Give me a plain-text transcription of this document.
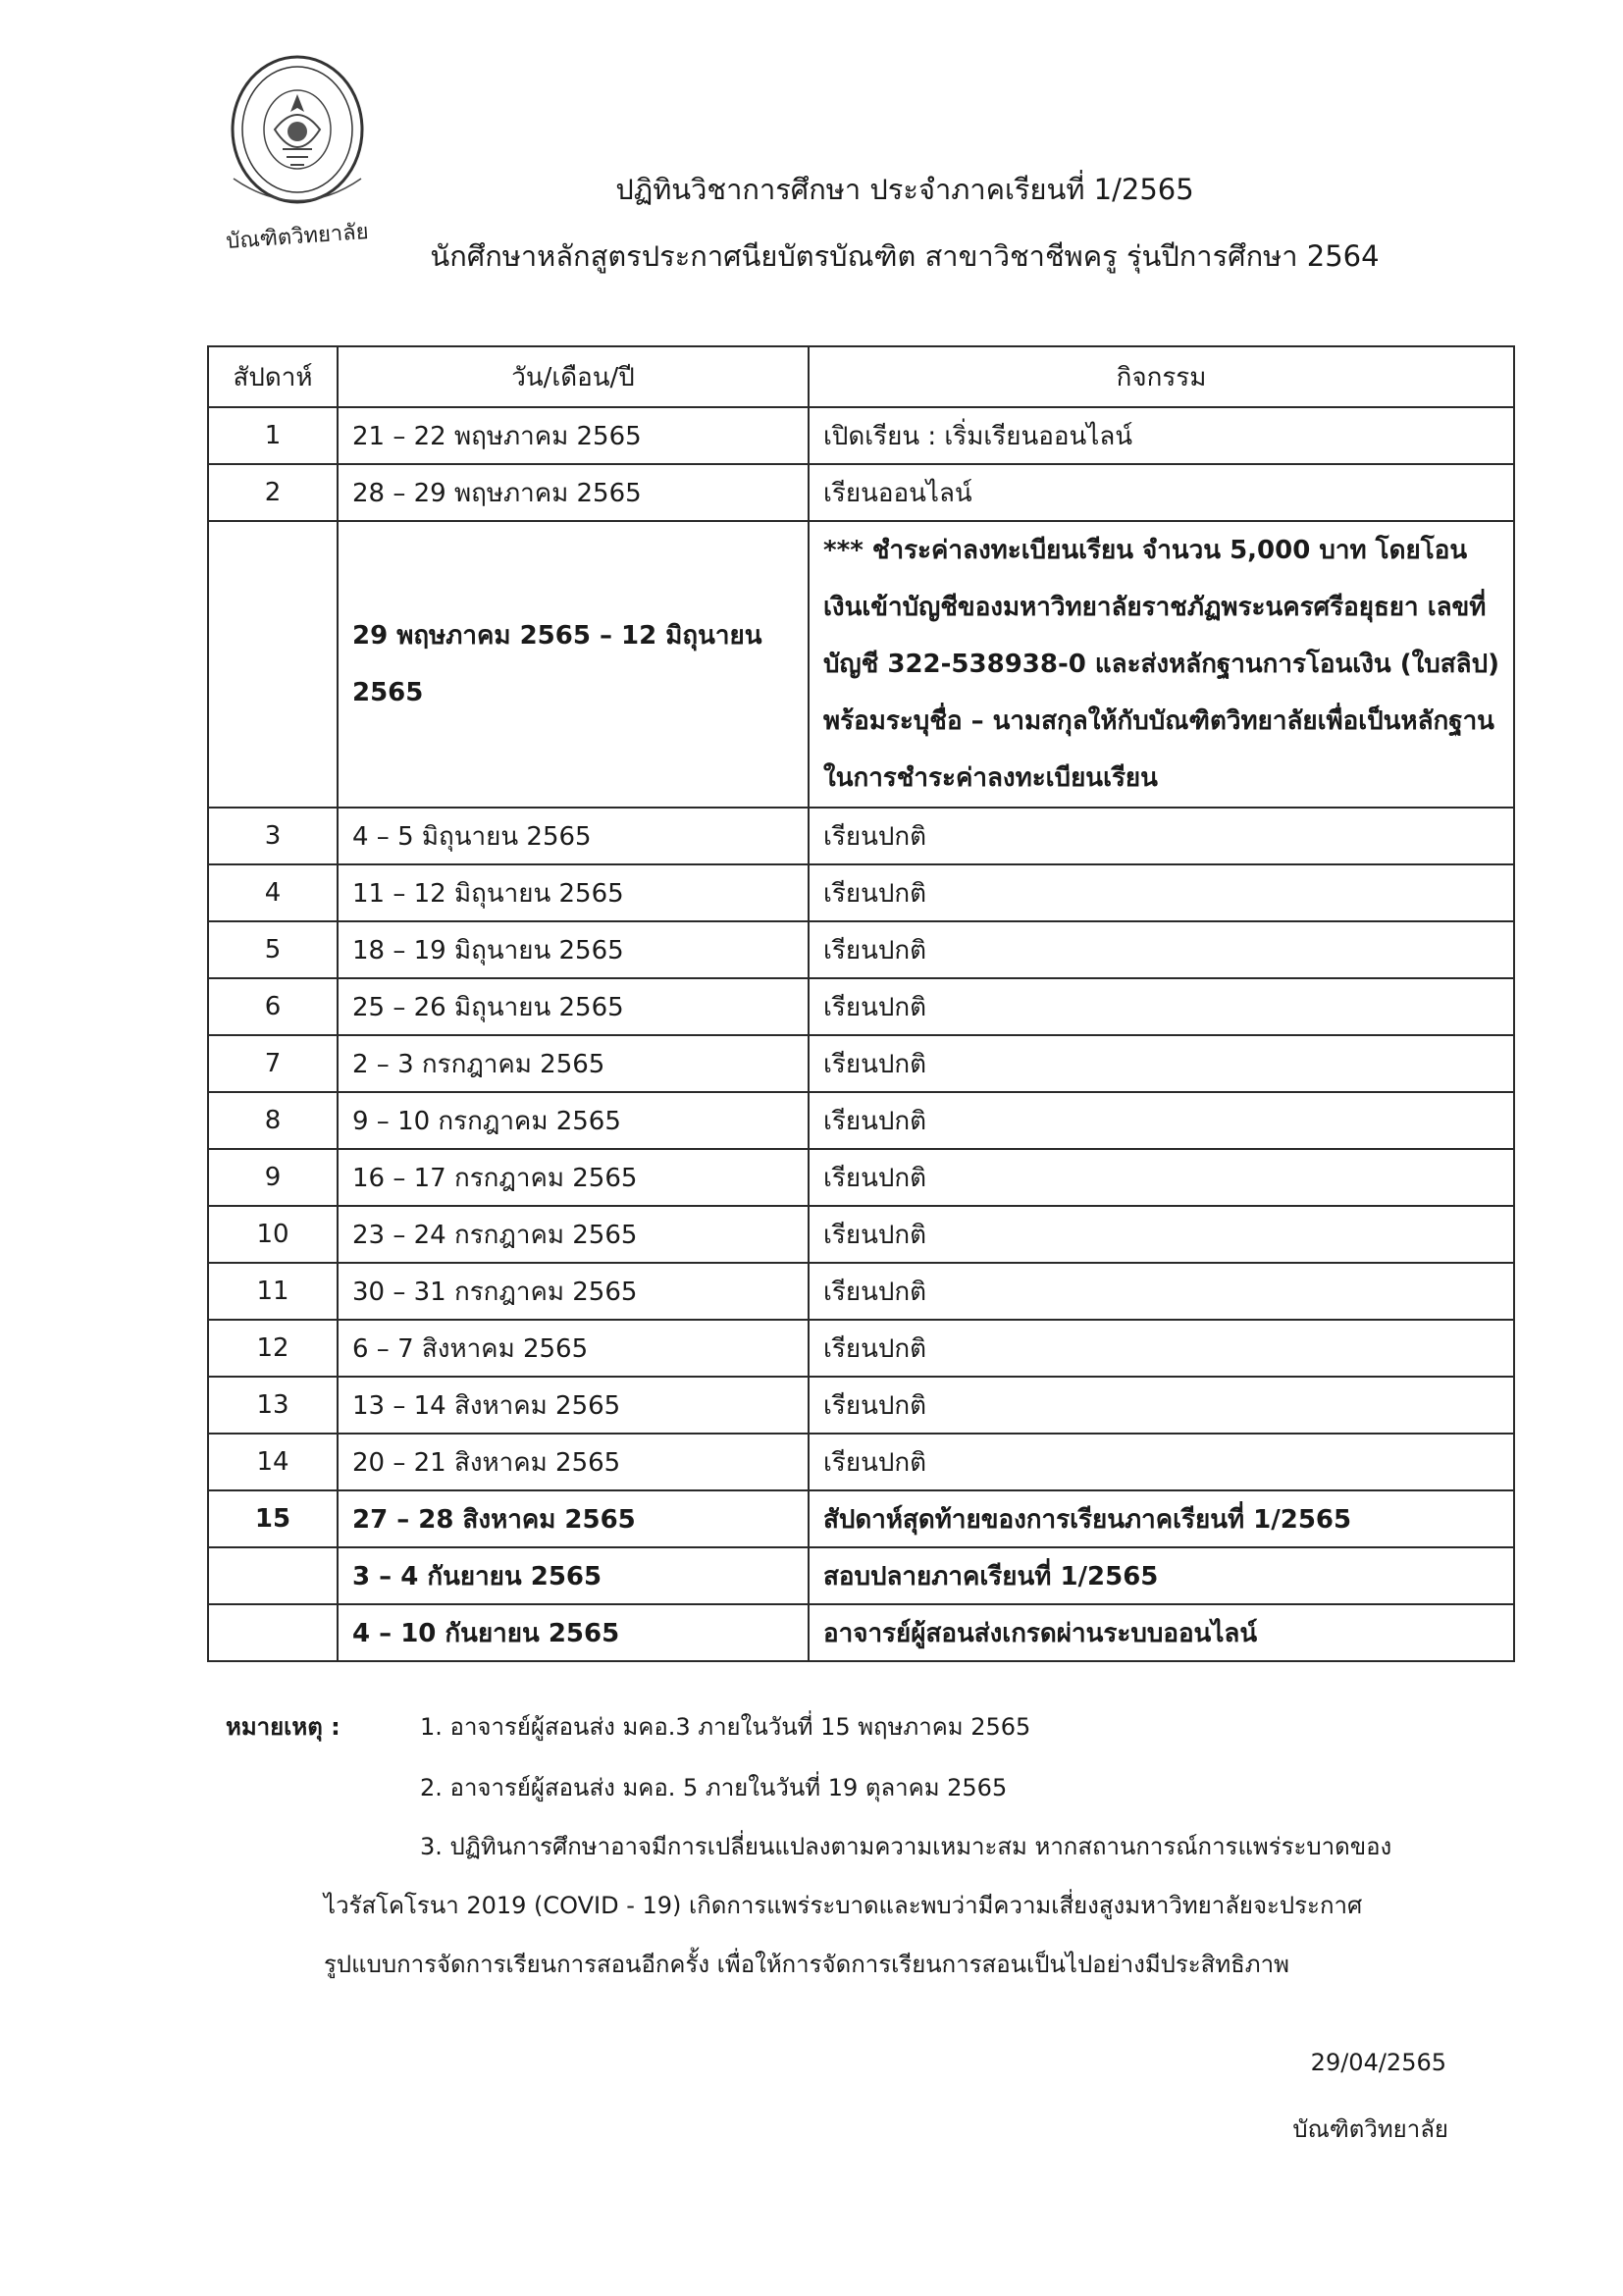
บัณฑิตวิทยาลัย
ปฏิทินวิชาการศึกษา ประจำภาคเรียนที่ 1/2565
นักศึกษาหลักสูตรประกาศนียบัตรบัณฑิต สาขาวิชาชีพครู รุ่นปีการศึกษา 2564
สัปดาห์	วัน/เดือน/ปี	กิจกรรม
1	21 – 22 พฤษภาคม 2565	เปิดเรียน : เริ่มเรียนออนไลน์
2	28 – 29 พฤษภาคม 2565	เรียนออนไลน์
	29 พฤษภาคม 2565 – 12 มิถุนายน 2565	*** ชำระค่าลงทะเบียนเรียน จำนวน 5,000 บาท โดยโอนเงินเข้าบัญชีของมหาวิทยาลัยราชภัฏพระนครศรีอยุธยา เลขที่บัญชี 322-538938-0 และส่งหลักฐานการโอนเงิน (ใบสลิป) พร้อมระบุชื่อ – นามสกุลให้กับบัณฑิตวิทยาลัยเพื่อเป็นหลักฐานในการชำระค่าลงทะเบียนเรียน
3	4 – 5 มิถุนายน 2565	เรียนปกติ
4	11 – 12 มิถุนายน 2565	เรียนปกติ
5	18 – 19 มิถุนายน 2565	เรียนปกติ
6	25 – 26 มิถุนายน 2565	เรียนปกติ
7	2 – 3 กรกฎาคม 2565	เรียนปกติ
8	9 – 10 กรกฎาคม 2565	เรียนปกติ
9	16 – 17 กรกฎาคม 2565	เรียนปกติ
10	23 – 24 กรกฎาคม 2565	เรียนปกติ
11	30 – 31 กรกฎาคม 2565	เรียนปกติ
12	6 – 7 สิงหาคม 2565	เรียนปกติ
13	13 – 14 สิงหาคม 2565	เรียนปกติ
14	20 – 21 สิงหาคม 2565	เรียนปกติ
15	27 – 28 สิงหาคม 2565	สัปดาห์สุดท้ายของการเรียนภาคเรียนที่ 1/2565
	3 – 4 กันยายน 2565	สอบปลายภาคเรียนที่ 1/2565
	4 – 10 กันยายน 2565	อาจารย์ผู้สอนส่งเกรดผ่านระบบออนไลน์
หมายเหตุ :	1. อาจารย์ผู้สอนส่ง มคอ.3 ภายในวันที่ 15 พฤษภาคม 2565
2. อาจารย์ผู้สอนส่ง มคอ. 5 ภายในวันที่ 19 ตุลาคม 2565
3. ปฏิทินการศึกษาอาจมีการเปลี่ยนแปลงตามความเหมาะสม หากสถานการณ์การแพร่ระบาดของ
ไวรัสโคโรนา 2019 (COVID - 19) เกิดการแพร่ระบาดและพบว่ามีความเสี่ยงสูงมหาวิทยาลัยจะประกาศ
รูปแบบการจัดการเรียนการสอนอีกครั้ง เพื่อให้การจัดการเรียนการสอนเป็นไปอย่างมีประสิทธิภาพ
29/04/2565
บัณฑิตวิทยาลัย
